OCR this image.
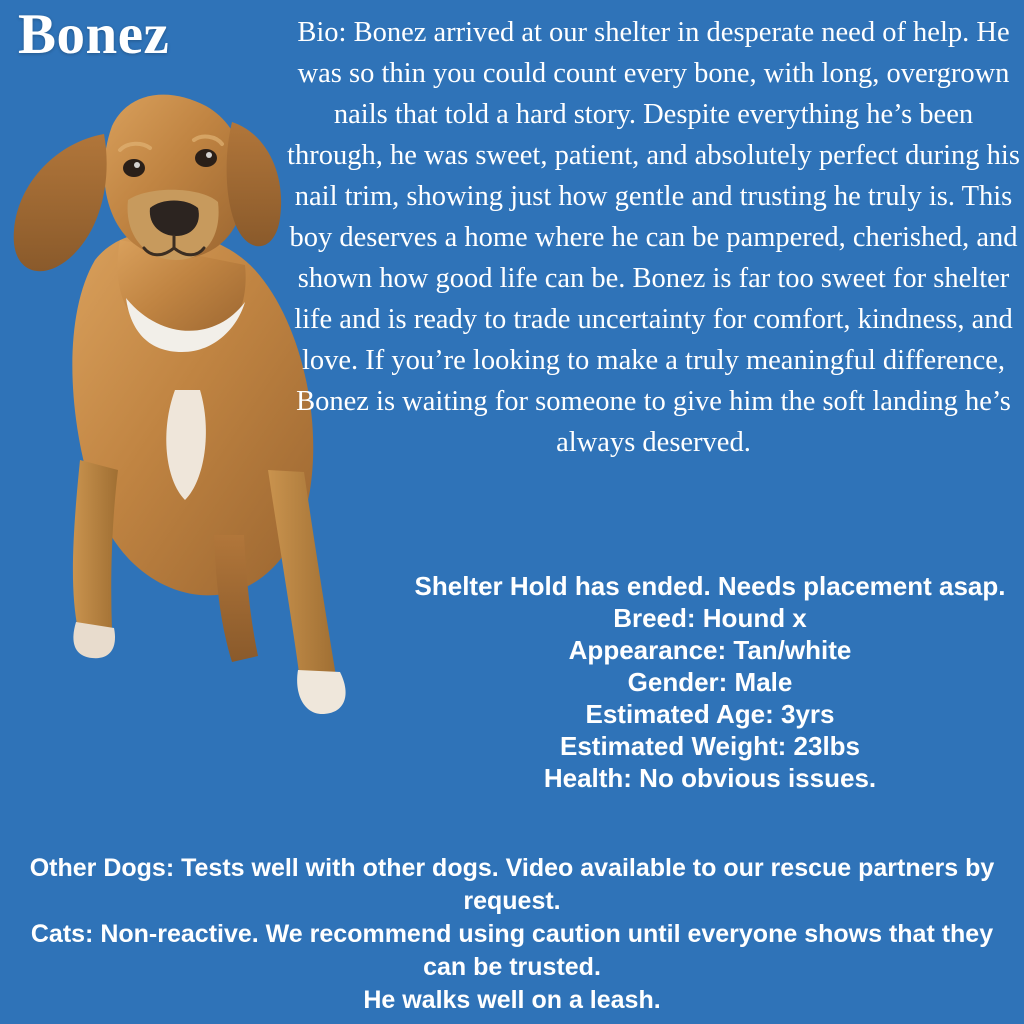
Bonez	Bio: Bonez arrived at our shelter in desperate need of help. He was so thin you could count every bone, with long, overgrown nails that told a hard story. Despite everything he’s been through, he was sweet, patient, and absolutely perfect during his nail trim, showing just how gentle and trusting he truly is. This boy deserves a home where he can be pampered, cherished, and shown how good life can be. Bonez is far too sweet for shelter life and is ready to trade uncertainty for comfort, kindness, and love. If you’re looking to make a truly meaningful difference, Bonez is waiting for someone to give him the soft landing he’s always deserved.
Shelter Hold has ended. Needs placement asap.
Breed: Hound x
Appearance: Tan/white
Gender: Male
Estimated Age: 3yrs
Estimated Weight: 23lbs
Health: No obvious issues.
Other Dogs: Tests well with other dogs. Video available to our rescue partners by request.
Cats: Non-reactive. We recommend using caution until everyone shows that they can be trusted.
He walks well on a leash.
